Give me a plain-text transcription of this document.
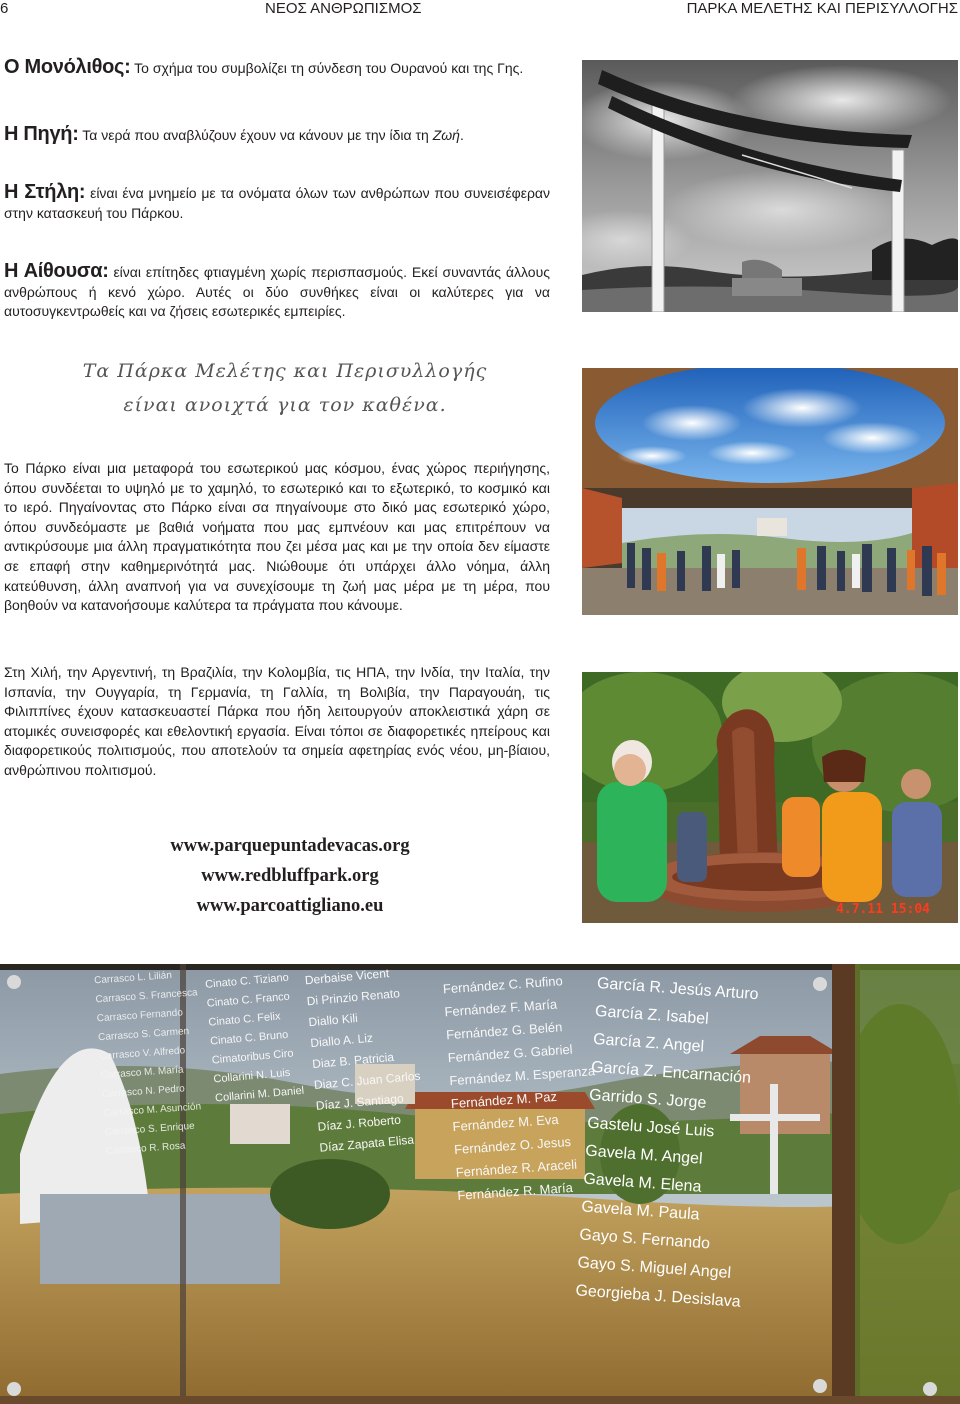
6	ΝΕΟΣ ΑΝΘΡΩΠΙΣΜΟΣ	ΠΑΡΚΑ ΜΕΛΕΤΗΣ ΚΑΙ ΠΕΡΙΣΥΛΛΟΓΗΣ
Ο Μονόλιθος: Το σχήμα του συμβολίζει τη σύνδεση του Ουρανού και της Γης.
Η Πηγή: Τα νερά που αναβλύζουν έχουν να κάνουν με την ίδια τη Ζωή.
Η Στήλη: είναι ένα μνημείο με τα ονόματα όλων των ανθρώπων που συνεισέφεραν στην κατασκευή του Πάρκου.
Η Αίθουσα: είναι επίτηδες φτιαγμένη χωρίς περισπασμούς. Εκεί συναντάς άλλους ανθρώπους ή κενό χώρο. Αυτές οι δύο συνθήκες είναι οι καλύτερες για να αυτοσυγκεντρωθείς και να ζήσεις εσωτερικές εμπειρίες.
Τα Πάρκα Μελέτης και Περισυλλογής
είναι ανοιχτά για τον καθένα.
Το Πάρκο είναι μια μεταφορά του εσωτερικού μας κόσμου, ένας χώρος περιήγησης, όπου συνδέεται το υψηλό με το χαμηλό, το εσωτερικό και το εξωτερικό, το κοσμικό και το ιερό. Πηγαίνοντας στο Πάρκο είναι σα πηγαίνουμε στο δικό μας εσωτερικό χώρο, όπου συνδεόμαστε με βαθιά νοήματα που μας εμπνέουν και μας επιτρέπουν να αντικρύσουμε μια άλλη πραγματικότητα που ζει μέσα μας και με την οποία δεν είμαστε σε επαφή στην καθημερινότητά μας. Νιώθουμε ότι υπάρχει άλλο νόημα, άλλη κατεύθυνση, άλλη αναπνοή για να συνεχίσουμε τη ζωή μας μέρα με τη μέρα, που βοηθούν να κατανοήσουμε καλύτερα τα πράγματα που κάνουμε.
Στη Χιλή, την Αργεντινή, τη Βραζιλία, την Κολομβία, τις ΗΠΑ, την Ινδία, την Ιταλία, την Ισπανία, την Ουγγαρία, τη Γερμανία, τη Γαλλία, τη Βολιβία, την Παραγουάη, τις Φιλιππίνες έχουν κατασκευαστεί Πάρκα που ήδη λειτουργούν αποκλειστικά χάρη σε ατομικές συνεισφορές και εθελοντική εργασία. Είναι τόποι σε διαφορετικές ηπείρους και διαφορετικούς πολιτισμούς, που αποτελούν τα σημεία αφετηρίας ενός νέου, μη-βίαιου, ανθρώπινου πολιτισμού.
www.parquepuntadevacas.org
www.redbluffpark.org
www.parcoattigliano.eu	4.7.11 15:04
Carrasco L. Lilián
Carrasco S. Francesca
Carrasco Fernando
Carrasco S. Carmen
Carrasco V. Alfredo
Carrasco M. María
Carrasco N. Pedro
Carrasco M. Asunción
Carrasco S. Enrique
Carrasco R. Rosa
Cinato C. Tiziano
Cinato C. Franco
Cinato C. Felix
Cinato C. Bruno
Cimatoribus Ciro
Collarini N. Luis
Collarini M. Daniel
Derbaise Vicent
Di Prinzio Renato
Diallo Kili
Diallo A. Liz
Diaz B. Patricia
Diaz C. Juan Carlos
Díaz J. Santiago
Díaz J. Roberto
Díaz Zapata Elisa
Fernández C. Rufino
Fernández F. María
Fernández G. Belén
Fernández G. Gabriel
Fernández M. Esperanza
Fernández M. Paz
Fernández M. Eva
Fernández O. Jesus
Fernández R. Araceli
Fernández R. María
García R. Jesús Arturo
García Z. Isabel
García Z. Angel
García Z. Encarnación
Garrido S. Jorge
Gastelu José Luis
Gavela M. Angel
Gavela M. Elena
Gavela M. Paula
Gayo S. Fernando
Gayo S. Miguel Angel
Georgieba J. Desislava
